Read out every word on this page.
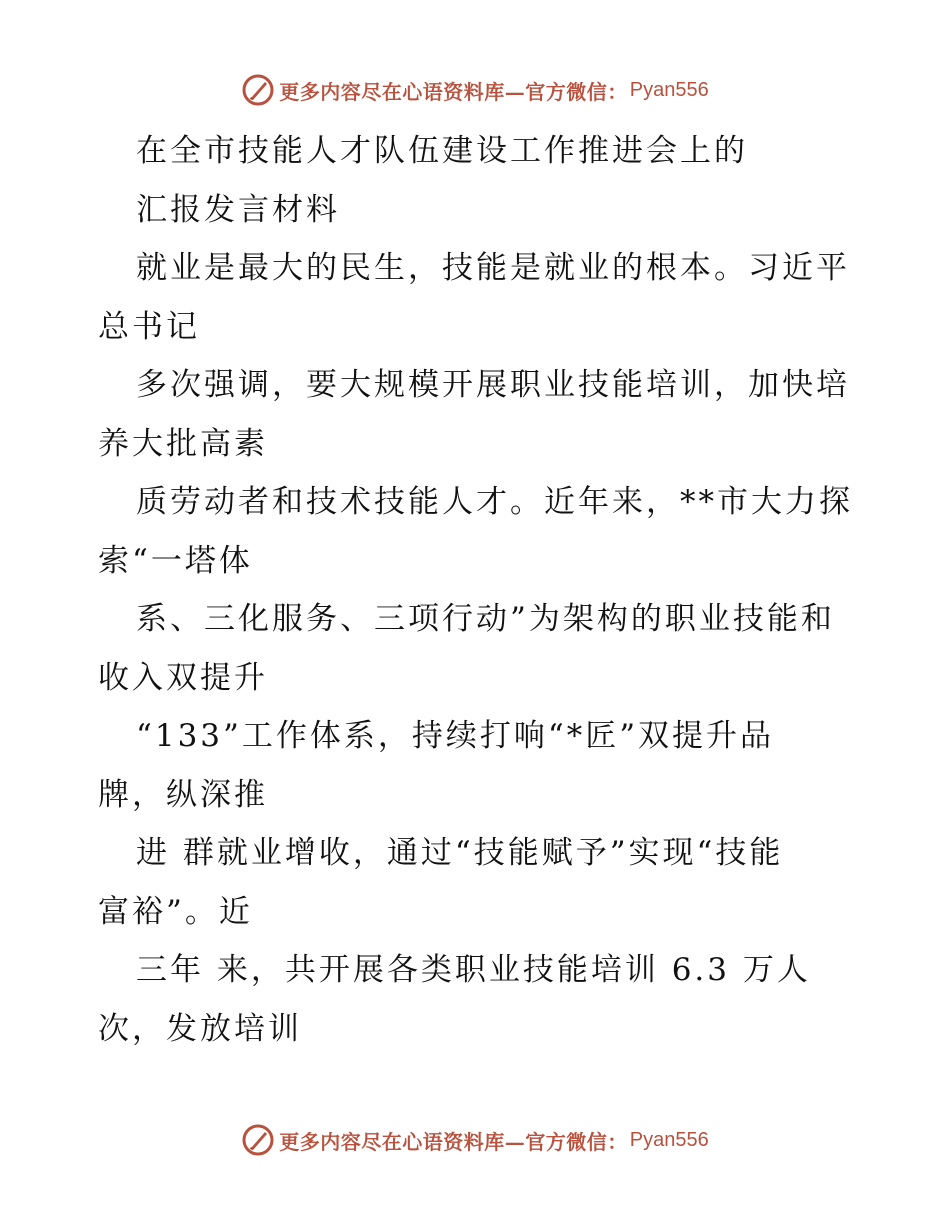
更多内容尽在心语资料库—官方微信： Pyan556
在全市技能人才队伍建设工作推进会上的
汇报发言材料
就业是最大的民生，技能是就业的根本。习近平
总书记
多次强调，要大规模开展职业技能培训，加快培
养大批高素
质劳动者和技术技能人才。近年来，**市大力探
索“一塔体
系、三化服务、三项行动”为架构的职业技能和
收入双提升
“133”工作体系，持续打响“*匠”双提升品
牌，纵深推
进 群就业增收，通过“技能赋予”实现“技能
富裕”。近
三年 来，共开展各类职业技能培训 6.3 万人
次，发放培训
更多内容尽在心语资料库—官方微信： Pyan556
